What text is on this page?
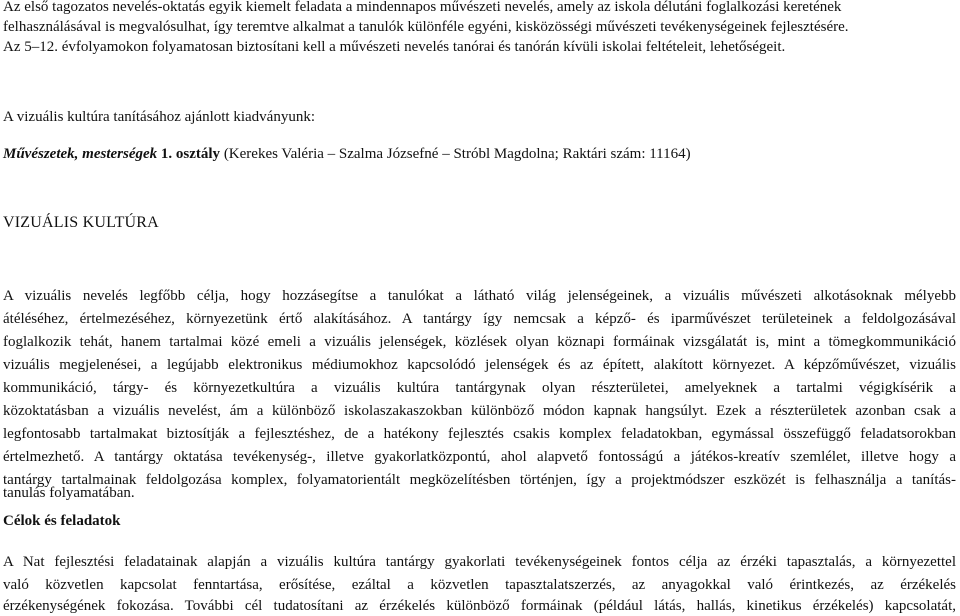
Az első tagozatos nevelés-oktatás egyik kiemelt feladata a mindennapos művészeti nevelés, amely az iskola délutáni foglalkozási keretének
felhasználásával is megvalósulhat, így teremtve alkalmat a tanulók különféle egyéni, kisközösségi művészeti tevékenységeinek fejlesztésére.
Az 5–12. évfolyamokon folyamatosan biztosítani kell a művészeti nevelés tanórai és tanórán kívüli iskolai feltételeit, lehetőségeit.
A vizuális kultúra tanításához ajánlott kiadványunk:
Művészetek, mesterségek 1. osztály (Kerekes Valéria – Szalma Józsefné – Stróbl Magdolna; Raktári szám: 11164)
VIZUÁLIS KULTÚRA
A vizuális nevelés legfőbb célja, hogy hozzásegítse a tanulókat a látható világ jelenségeinek, a vizuális művészeti alkotásoknak mélyebb
átéléséhez, értelmezéséhez, környezetünk értő alakításához. A tantárgy így nemcsak a képző- és iparművészet területeinek a feldolgozásával
foglalkozik tehát, hanem tartalmai közé emeli a vizuális jelenségek, közlések olyan köznapi formáinak vizsgálatát is, mint a tömegkommunikáció
vizuális megjelenései, a legújabb elektronikus médiumokhoz kapcsolódó jelenségek és az épített, alakított környezet. A képzőművészet, vizuális
kommunikáció, tárgy- és környezetkultúra a vizuális kultúra tantárgynak olyan részterületei, amelyeknek a tartalmi végigkísérik a
közoktatásban a vizuális nevelést, ám a különböző iskolaszakaszokban különböző módon kapnak hangsúlyt. Ezek a részterületek azonban csak a
legfontosabb tartalmakat biztosítják a fejlesztéshez, de a hatékony fejlesztés csakis komplex feladatokban, egymással összefüggő feladatsorokban
értelmezhető. A tantárgy oktatása tevékenység-, illetve gyakorlatközpontú, ahol alapvető fontosságú a játékos-kreatív szemlélet, illetve hogy a
tantárgy tartalmainak feldolgozása komplex, folyamatorientált megközelítésben történjen, így a projektmódszer eszközét is felhasználja a tanítás-
tanulás folyamatában.
Célok és feladatok
A Nat fejlesztési feladatainak alapján a vizuális kultúra tantárgy gyakorlati tevékenységeinek fontos célja az érzéki tapasztalás, a környezettel
való közvetlen kapcsolat fenntartása, erősítése, ezáltal a közvetlen tapasztalatszerzés, az anyagokkal való érintkezés, az érzékelés
érzékenységének fokozása. További cél tudatosítani az érzékelés különböző formáinak (például látás, hallás, kinetikus érzékelés) kapcsolatát,
